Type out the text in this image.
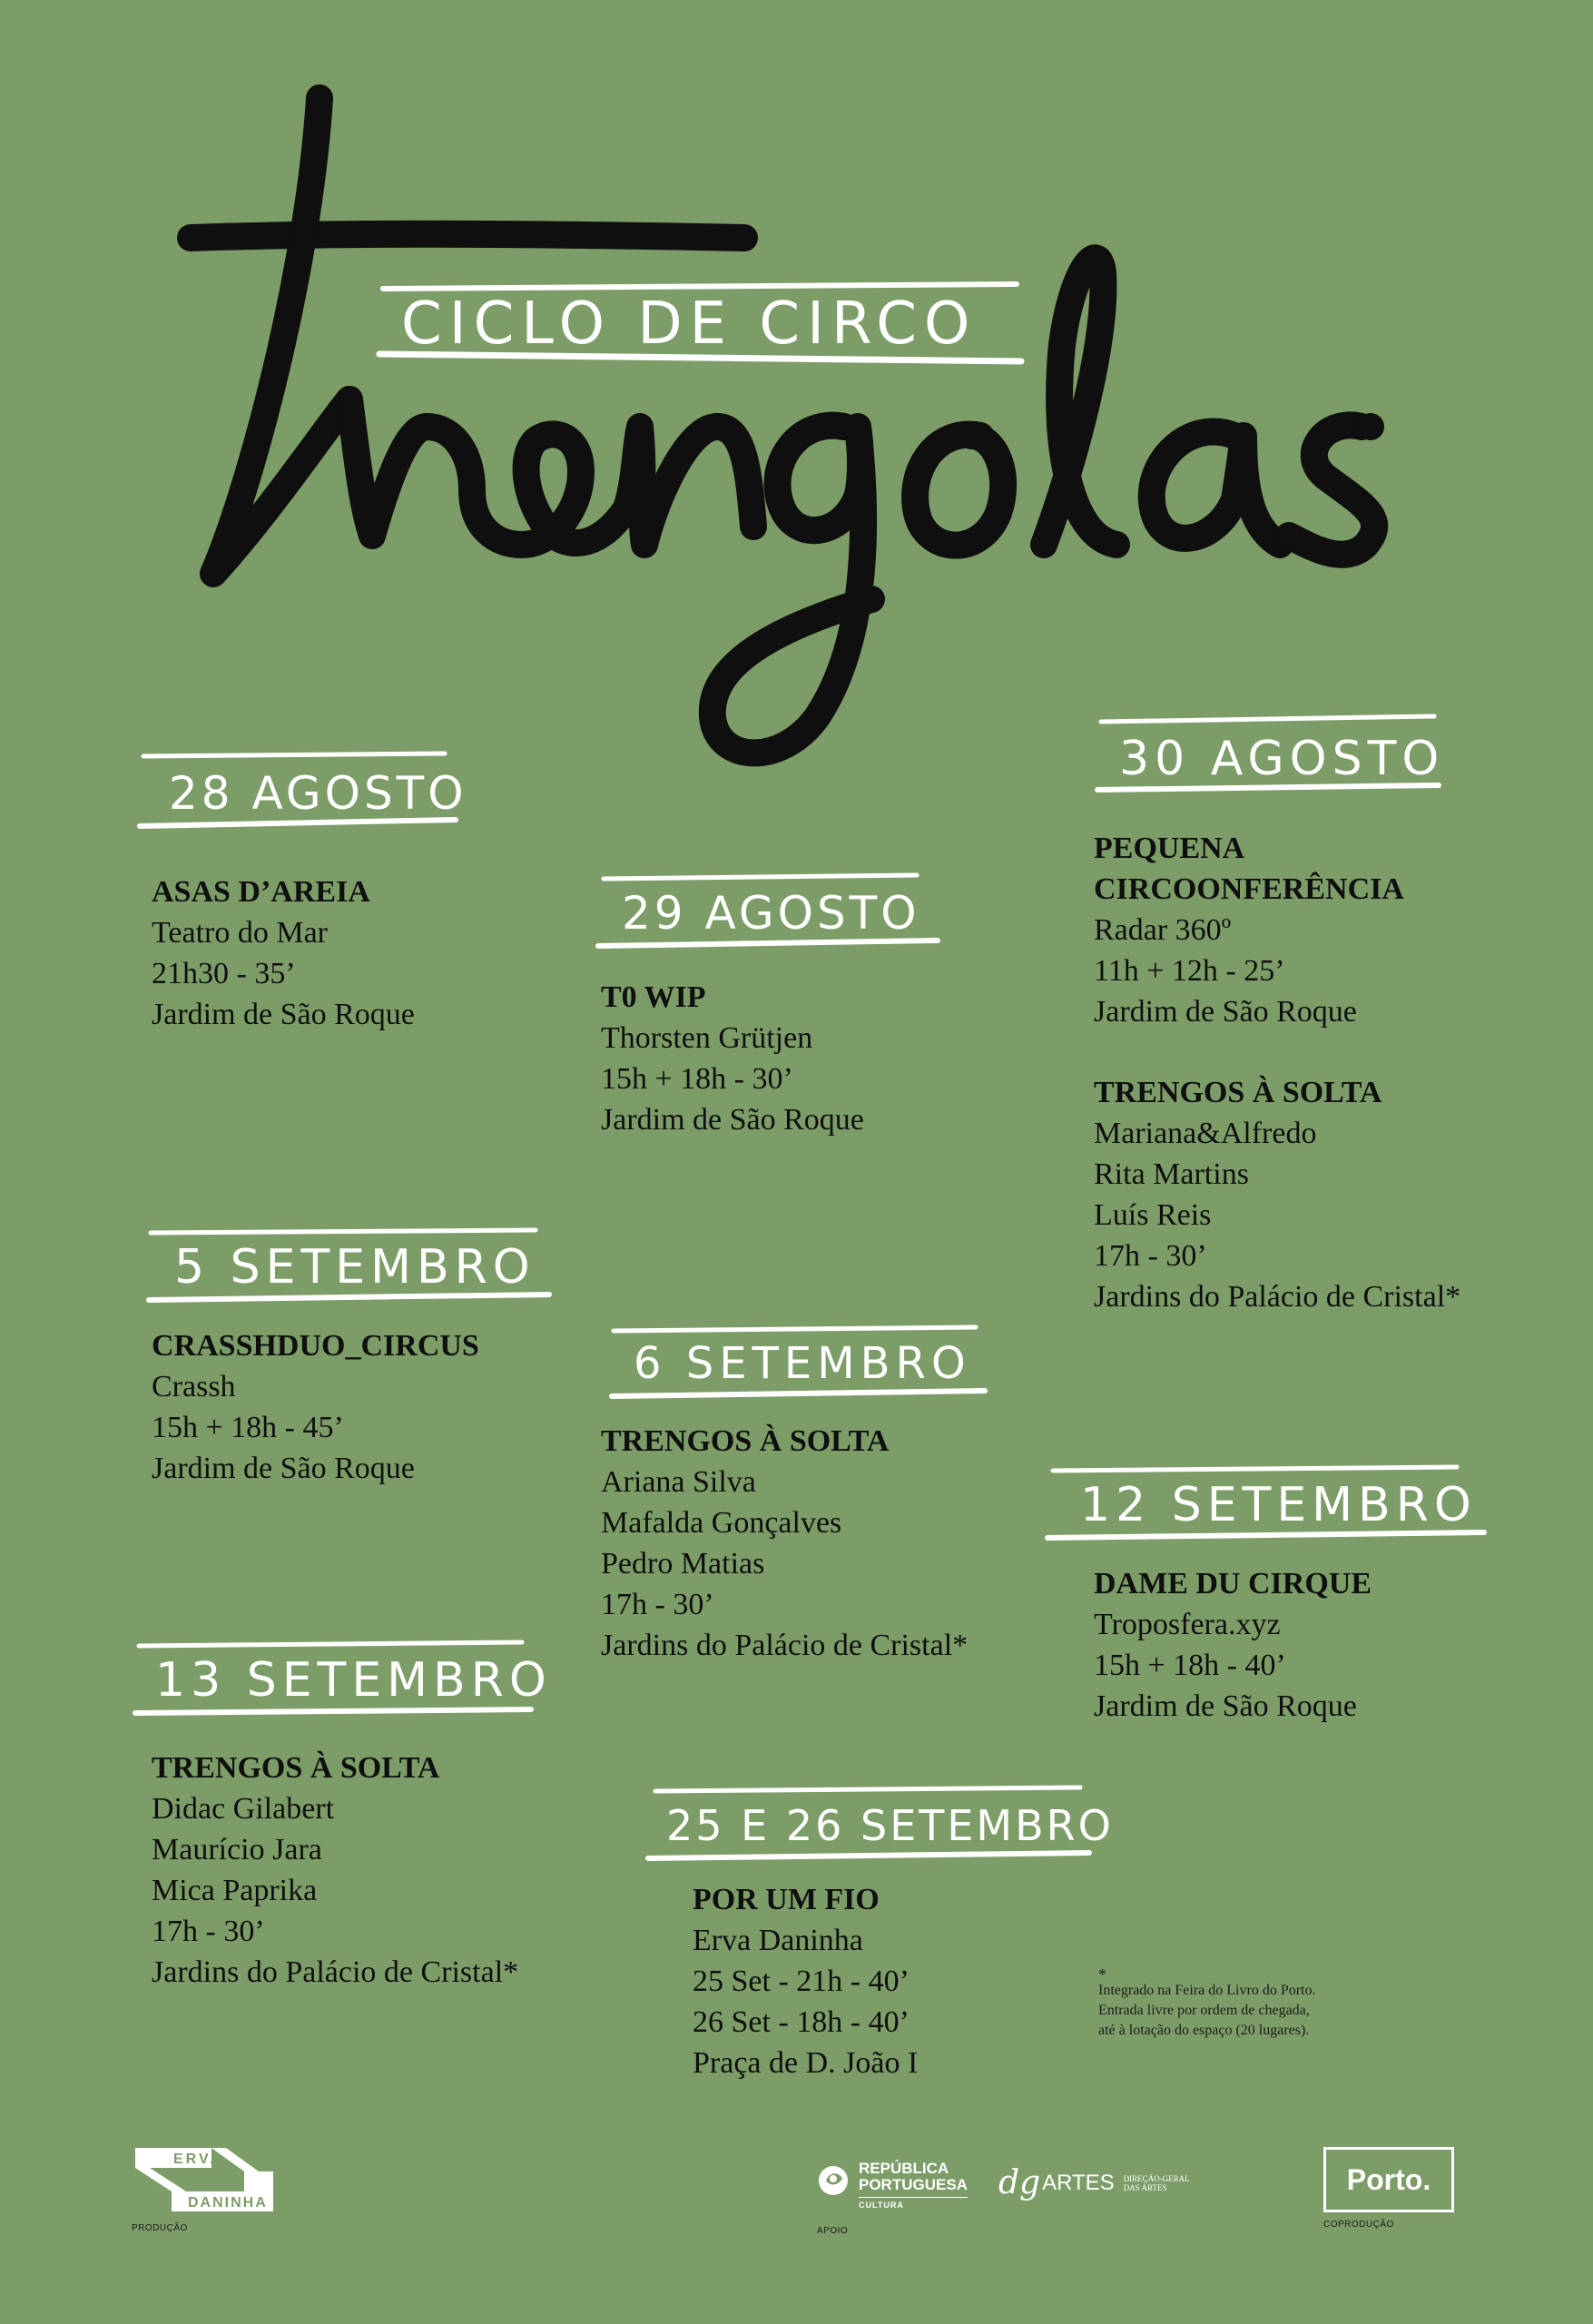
CICLO DE CIRCO
28 AGOSTO
29 AGOSTO
30 AGOSTO
5 SETEMBRO
6 SETEMBRO
12 SETEMBRO
13 SETEMBRO
25 E 26 SETEMBRO
ASAS D’AREIA
Teatro do Mar
21h30 - 35’
Jardim de São Roque
T0 WIP
Thorsten Grütjen
15h + 18h - 30’
Jardim de São Roque
PEQUENA
CIRCOONFERÊNCIA
Radar 360º
11h + 12h - 25’
Jardim de São Roque
TRENGOS À SOLTA
Mariana&Alfredo
Rita Martins
Luís Reis
17h - 30’
Jardins do Palácio de Cristal*
CRASSHDUO_CIRCUS
Crassh
15h + 18h - 45’
Jardim de São Roque
TRENGOS À SOLTA
Ariana Silva
Mafalda Gonçalves
Pedro Matias
17h - 30’
Jardins do Palácio de Cristal*
DAME DU CIRQUE
Troposfera.xyz
15h + 18h - 40’
Jardim de São Roque
TRENGOS À SOLTA
Didac Gilabert
Maurício Jara
Mica Paprika
17h - 30’
Jardins do Palácio de Cristal*
POR UM FIO
Erva Daninha
25 Set - 21h - 40’
26 Set - 18h - 40’
Praça de D. João I
*
Integrado na Feira do Livro do Porto.
Entrada livre por ordem de chegada,
até à lotação do espaço (20 lugares).
ERVA
DANINHA
PRODUÇÃO
REPÚBLICA
PORTUGUESA
CULTURA
APOIO
dg ARTES DIREÇÃO-GERAL
DAS ARTES	Porto.
COPRODUÇÃO
